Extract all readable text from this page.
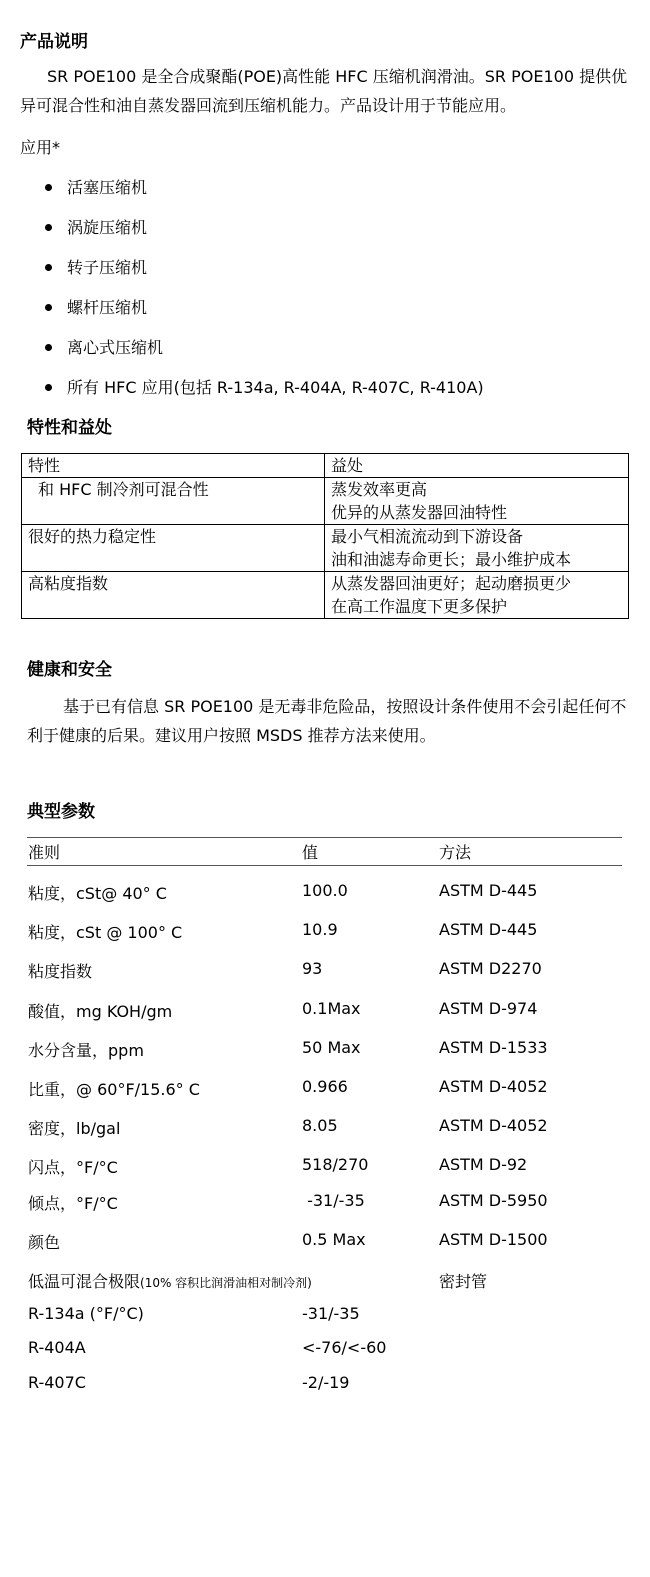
产品说明
SR POE100 是全合成聚酯(POE)高性能 HFC 压缩机润滑油。SR POE100 提供优异可混合性和油自蒸发器回流到压缩机能力。产品设计用于节能应用。
应用*
活塞压缩机
涡旋压缩机
转子压缩机
螺杆压缩机
离心式压缩机
所有 HFC 应用(包括 R-134a, R-404A, R-407C, R-410A)
特性和益处
特性	益处
和 HFC 制冷剂可混合性	蒸发效率更高
优异的从蒸发器回油特性

很好的热力稳定性	最小气相流流动到下游设备
油和油滤寿命更长；最小维护成本

高粘度指数	从蒸发器回油更好；起动磨损更少
在高工作温度下更多保护
健康和安全
基于已有信息 SR POE100 是无毒非危险品，按照设计条件使用不会引起任何不利于健康的后果。建议用户按照 MSDS 推荐方法来使用。
典型参数
准则	值	方法
粘度，cSt@ 40° C	100.0	ASTM D-445
粘度，cSt @ 100° C	10.9	ASTM D-445
粘度指数	93	ASTM D2270
酸值，mg KOH/gm	0.1Max	ASTM D-974
水分含量，ppm	50 Max	ASTM D-1533
比重，@ 60°F/15.6° C	0.966	ASTM D-4052
密度，lb/gal	8.05	ASTM D-4052
闪点，°F/°C	518/270	ASTM D-92
倾点，°F/°C	-31/-35	ASTM D-5950
颜色	0.5 Max	ASTM D-1500
低温可混合极限(10% 容积比润滑油相对制冷剂)	密封管
R-134a (°F/°C)	-31/-35
R-404A	<-76/<-60
R-407C	-2/-19
